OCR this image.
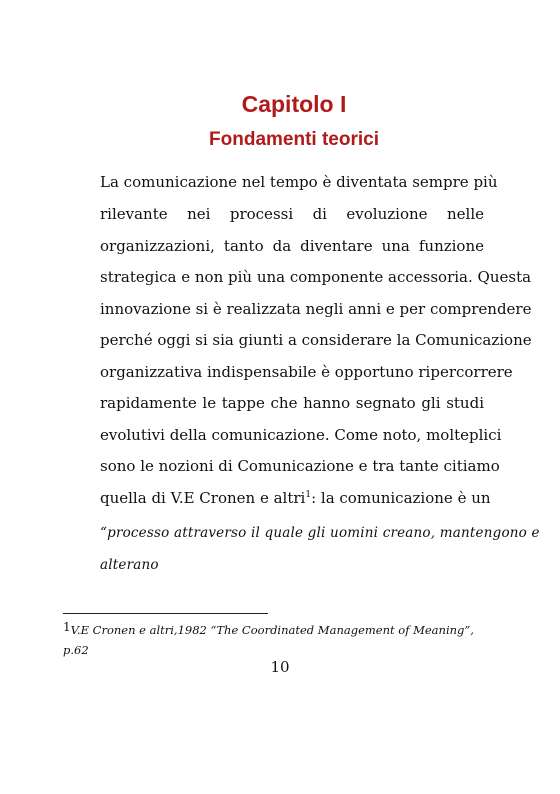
Capitolo I
Fondamenti teorici

La comunicazione nel tempo è diventata sempre più

rilevante nei processi di evoluzione nelle

organizzazioni, tanto da diventare una funzione

strategica e non più una componente accessoria. Questa

innovazione si è realizzata negli anni e per comprendere

perché oggi si sia giunti a considerare la Comunicazione

organizzativa indispensabile è opportuno ripercorrere

rapidamente le tappe che hanno segnato gli studi

evolutivi della comunicazione. Come noto, molteplici

sono le nozioni di Comunicazione e tra tante citiamo

quella di V.E Cronen e altri$^1$: la comunicazione è un

“processo attraverso il quale gli uomini creano, mantengono e

alterano

1V.E Cronen e altri,1982 “The Coordinated Management of Meaning”,
p.62

10
